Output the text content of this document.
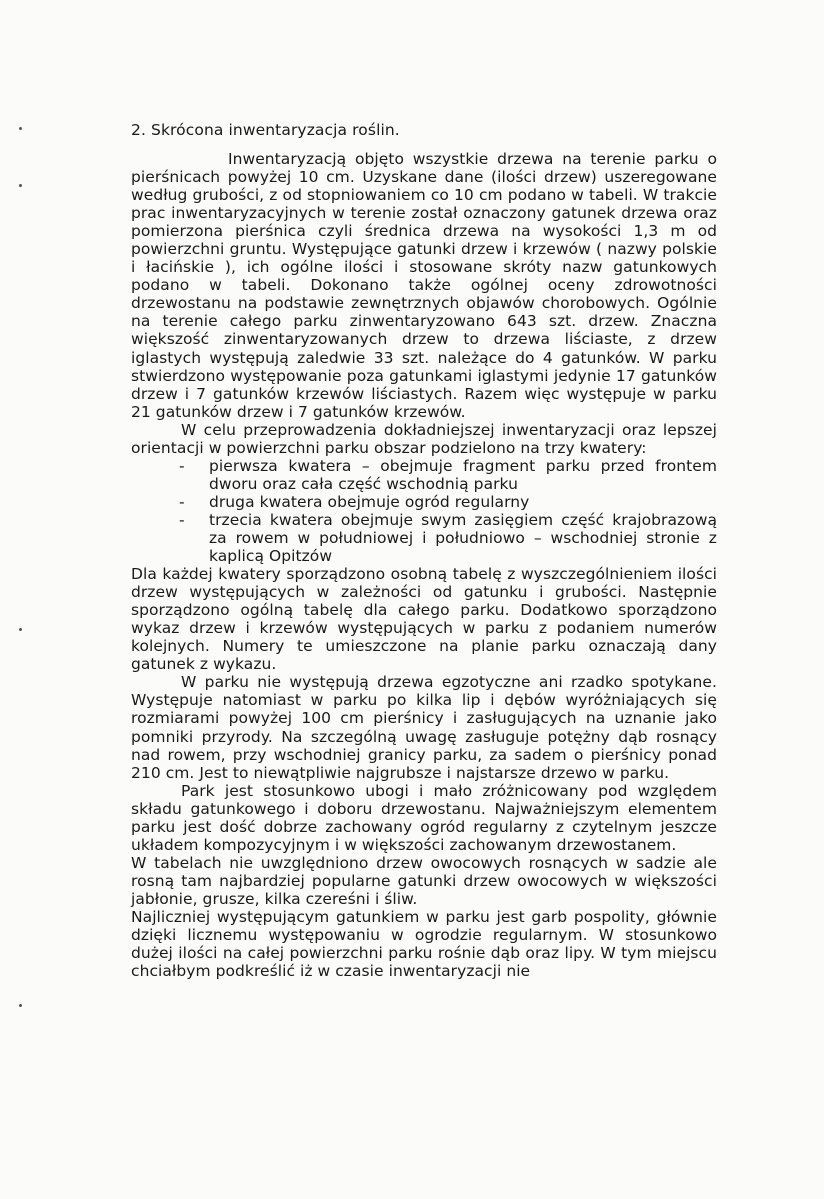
2. Skrócona inwentaryzacja roślin.

Inwentaryzacją objęto wszystkie drzewa na terenie parku o pierśnicach powyżej 10 cm. Uzyskane dane (ilości drzew) uszeregowane według grubości, z od stopniowaniem co 10 cm podano w tabeli. W trakcie prac inwentaryzacyjnych w terenie został oznaczony gatunek drzewa oraz pomierzona pierśnica czyli średnica drzewa na wysokości 1,3 m od powierzchni gruntu. Występujące gatunki drzew i krzewów ( nazwy polskie i łacińskie ), ich ogólne ilości i stosowane skróty nazw gatunkowych podano w tabeli. Dokonano także ogólnej oceny zdrowotności drzewostanu na podstawie zewnętrznych objawów chorobowych. Ogólnie na terenie całego parku zinwentaryzowano 643 szt. drzew. Znaczna większość zinwentaryzowanych drzew to drzewa liściaste, z drzew iglastych występują zaledwie 33 szt. należące do 4 gatunków. W parku stwierdzono występowanie poza gatunkami iglastymi jedynie 17 gatunków drzew i 7 gatunków krzewów liściastych. Razem więc występuje w parku 21 gatunków drzew i 7 gatunków krzewów.

W celu przeprowadzenia dokładniejszej inwentaryzacji oraz lepszej orientacji w powierzchni parku obszar podzielono na trzy kwatery:

- pierwsza kwatera – obejmuje fragment parku przed frontem dworu oraz cała część wschodnią parku
- druga kwatera obejmuje ogród regularny
- trzecia kwatera obejmuje swym zasięgiem część krajobrazową za rowem w południowej i południowo – wschodniej stronie z kaplicą Opitzów

Dla każdej kwatery sporządzono osobną tabelę z wyszczególnieniem ilości drzew występujących w zależności od gatunku i grubości. Następnie sporządzono ogólną tabelę dla całego parku. Dodatkowo sporządzono wykaz drzew i krzewów występujących w parku z podaniem numerów kolejnych. Numery te umieszczone na planie parku oznaczają dany gatunek z wykazu.

W parku nie występują drzewa egzotyczne ani rzadko spotykane. Występuje natomiast w parku po kilka lip i dębów wyróżniających się rozmiarami powyżej 100 cm pierśnicy i zasługujących na uznanie jako pomniki przyrody. Na szczególną uwagę zasługuje potężny dąb rosnący nad rowem, przy wschodniej granicy parku, za sadem o pierśnicy ponad 210 cm. Jest to niewątpliwie najgrubsze i najstarsze drzewo w parku.

Park jest stosunkowo ubogi i mało zróżnicowany pod względem składu gatunkowego i doboru drzewostanu. Najważniejszym elementem parku jest dość dobrze zachowany ogród regularny z czytelnym jeszcze układem kompozycyjnym i w większości zachowanym drzewostanem.

W tabelach nie uwzględniono drzew owocowych rosnących w sadzie ale rosną tam najbardziej popularne gatunki drzew owocowych w większości jabłonie, grusze, kilka czereśni i śliw.

Najliczniej występującym gatunkiem w parku jest garb pospolity, głównie dzięki licznemu występowaniu w ogrodzie regularnym. W stosunkowo dużej ilości na całej powierzchni parku rośnie dąb oraz lipy. W tym miejscu chciałbym podkreślić iż w czasie inwentaryzacji nie
